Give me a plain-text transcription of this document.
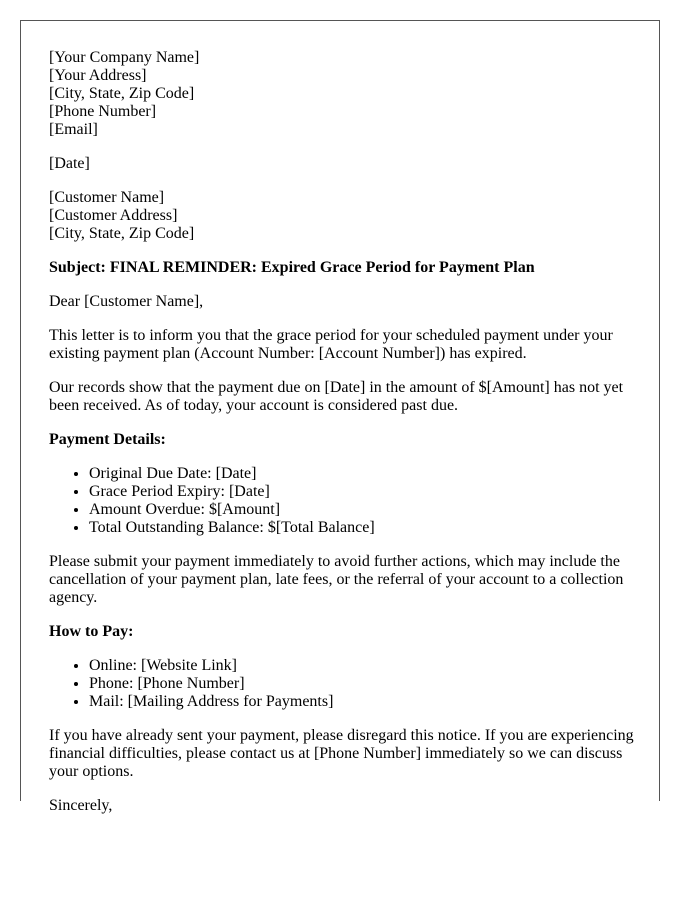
[Your Company Name]
[Your Address]
[City, State, Zip Code]
[Phone Number]
[Email]
[Date]
[Customer Name]
[Customer Address]
[City, State, Zip Code]
Subject: FINAL REMINDER: Expired Grace Period for Payment Plan

Dear [Customer Name],

This letter is to inform you that the grace period for your scheduled payment under your existing payment plan (Account Number: [Account Number]) has expired.

Our records show that the payment due on [Date] in the amount of $[Amount] has not yet been received. As of today, your account is considered past due.

Payment Details:
• Original Due Date: [Date]
• Grace Period Expiry: [Date]
• Amount Overdue: $[Amount]
• Total Outstanding Balance: $[Total Balance]

Please submit your payment immediately to avoid further actions, which may include the cancellation of your payment plan, late fees, or the referral of your account to a collection agency.

How to Pay:
• Online: [Website Link]
• Phone: [Phone Number]
• Mail: [Mailing Address for Payments]

If you have already sent your payment, please disregard this notice. If you are experiencing financial difficulties, please contact us at [Phone Number] immediately so we can discuss your options.

Sincerely,
